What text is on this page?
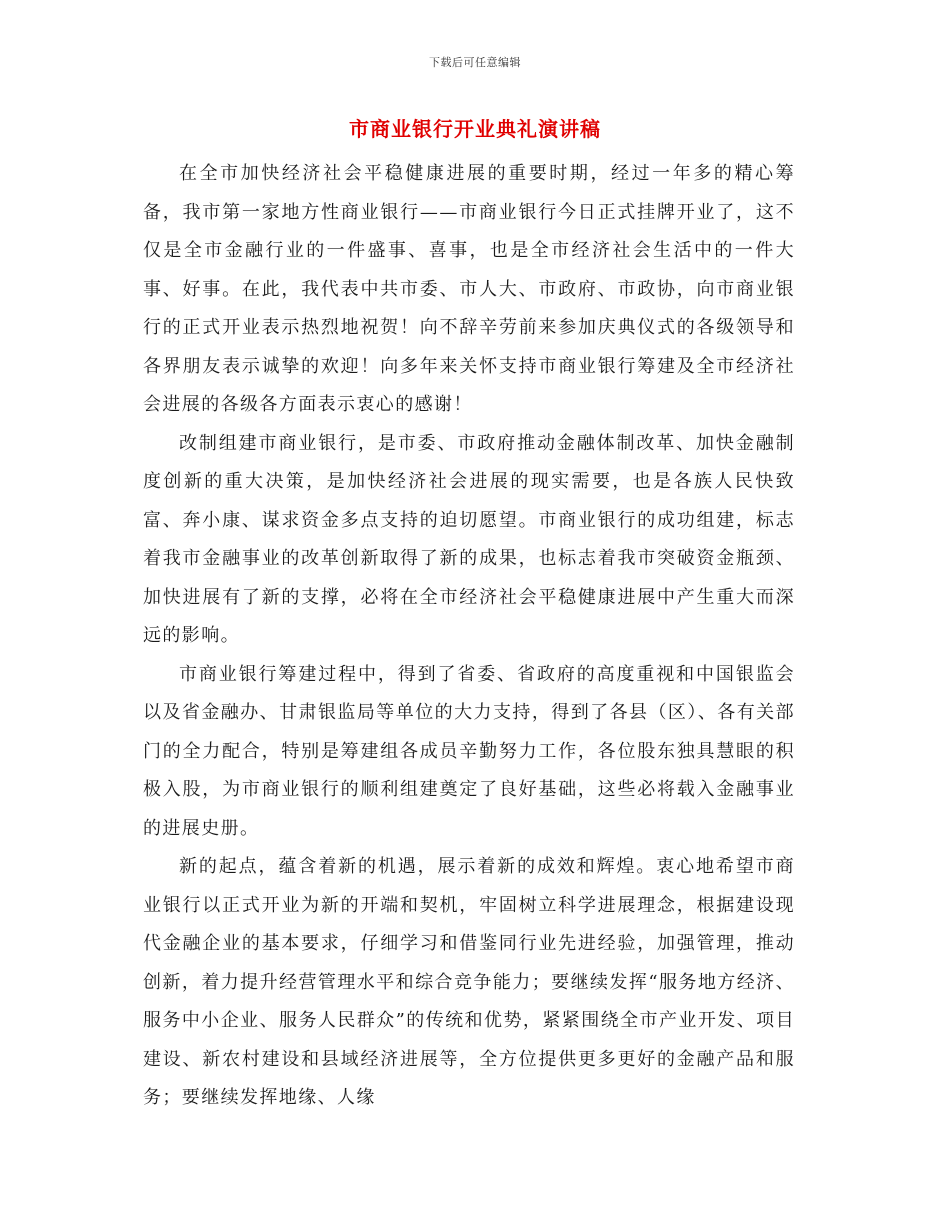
下载后可任意编辑
市商业银行开业典礼演讲稿

在全市加快经济社会平稳健康进展的重要时期，经过一年多的精心筹备，我市第一家地方性商业银行——市商业银行今日正式挂牌开业了，这不仅是全市金融行业的一件盛事、喜事，也是全市经济社会生活中的一件大事、好事。在此，我代表中共市委、市人大、市政府、市政协，向市商业银行的正式开业表示热烈地祝贺！向不辞辛劳前来参加庆典仪式的各级领导和各界朋友表示诚挚的欢迎！向多年来关怀支持市商业银行筹建及全市经济社会进展的各级各方面表示衷心的感谢！

改制组建市商业银行，是市委、市政府推动金融体制改革、加快金融制度创新的重大决策，是加快经济社会进展的现实需要，也是各族人民快致富、奔小康、谋求资金多点支持的迫切愿望。市商业银行的成功组建，标志着我市金融事业的改革创新取得了新的成果，也标志着我市突破资金瓶颈、加快进展有了新的支撑，必将在全市经济社会平稳健康进展中产生重大而深远的影响。

市商业银行筹建过程中，得到了省委、省政府的高度重视和中国银监会以及省金融办、甘肃银监局等单位的大力支持，得到了各县（区）、各有关部门的全力配合，特别是筹建组各成员辛勤努力工作，各位股东独具慧眼的积极入股，为市商业银行的顺利组建奠定了良好基础，这些必将载入金融事业的进展史册。

新的起点，蕴含着新的机遇，展示着新的成效和辉煌。衷心地希望市商业银行以正式开业为新的开端和契机，牢固树立科学进展理念，根据建设现代金融企业的基本要求，仔细学习和借鉴同行业先进经验，加强管理，推动创新，着力提升经营管理水平和综合竞争能力；要继续发挥“服务地方经济、服务中小企业、服务人民群众”的传统和优势，紧紧围绕全市产业开发、项目建设、新农村建设和县域经济进展等，全方位提供更多更好的金融产品和服务；要继续发挥地缘、人缘
